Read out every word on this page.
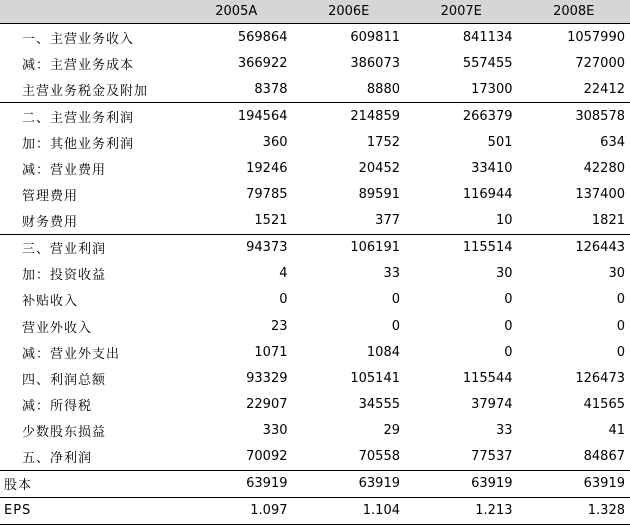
	2005A	2006E	2007E	2008E
一、主营业务收入	569864	609811	841134	1057990
减：主营业务成本	366922	386073	557455	727000
主营业务税金及附加	8378	8880	17300	22412
二、主营业务利润	194564	214859	266379	308578
加：其他业务利润	360	1752	501	634
减：营业费用	19246	20452	33410	42280
管理费用	79785	89591	116944	137400
财务费用	1521	377	10	1821
三、营业利润	94373	106191	115514	126443
加：投资收益	4	33	30	30
补贴收入	0	0	0	0
营业外收入	23	0	0	0
减：营业外支出	1071	1084	0	0
四、利润总额	93329	105141	115544	126473
减：所得税	22907	34555	37974	41565
少数股东损益	330	29	33	41
五、净利润	70092	70558	77537	84867
股本	63919	63919	63919	63919
EPS	1.097	1.104	1.213	1.328
